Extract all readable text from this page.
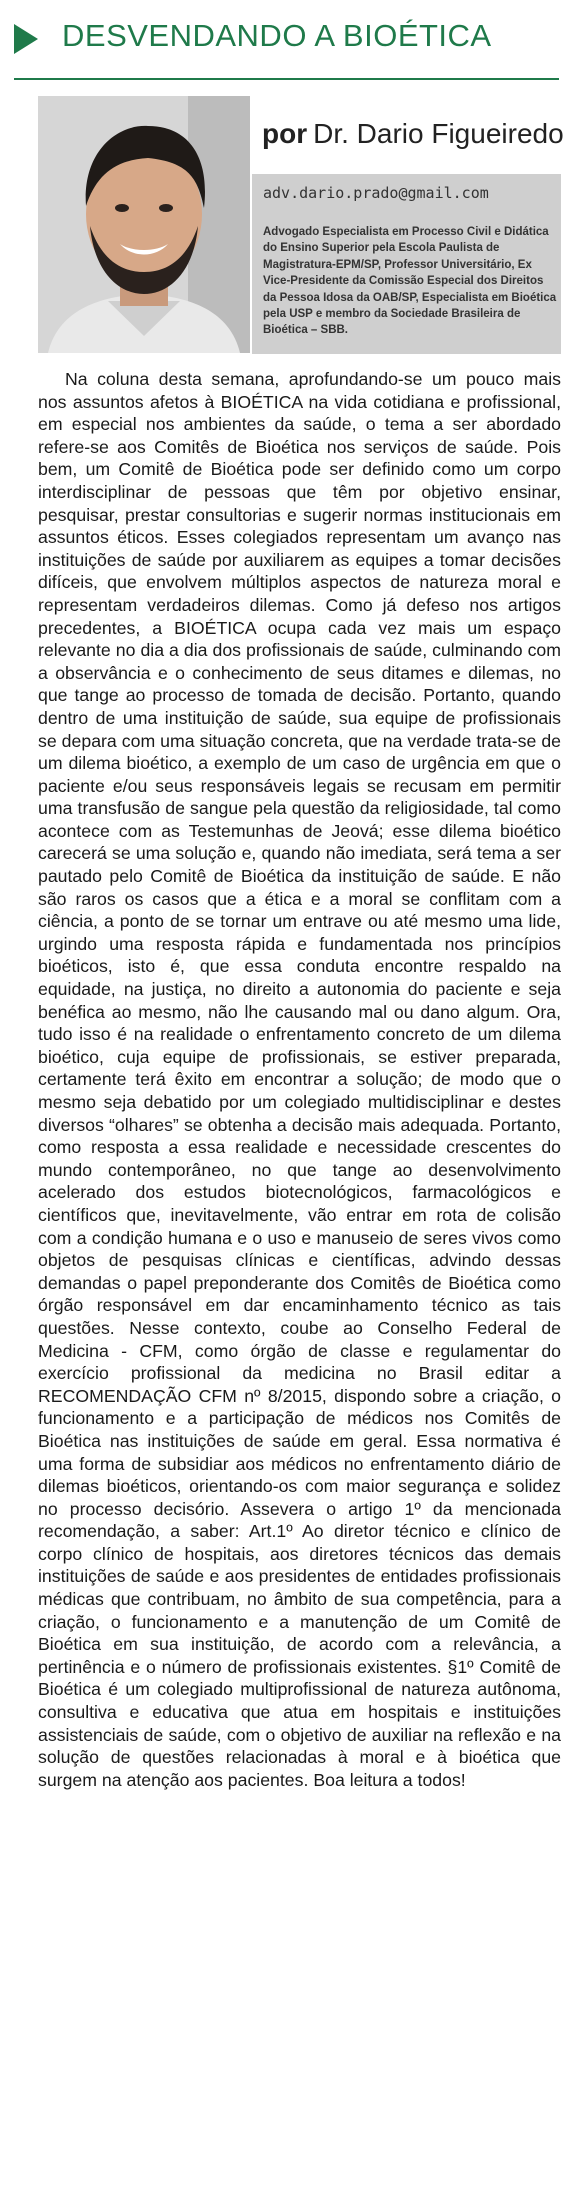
DESVENDANDO A BIOÉTICA
por Dr. Dario Figueiredo
adv.dario.prado@gmail.com
Advogado Especialista em Processo Civil e Didática do Ensino Superior pela Escola Paulista de Magistratura-EPM/SP, Professor Universitário, Ex Vice-Presidente da Comissão Especial dos Direitos da Pessoa Idosa da OAB/SP, Especialista em Bioética pela USP e membro da Sociedade Brasileira de Bioética – SBB.
Na coluna desta semana, aprofundando-se um pouco mais nos assuntos afetos à BIOÉTICA na vida cotidiana e profissional, em especial nos ambientes da saúde, o tema a ser abordado refere-se aos Comitês de Bioética nos serviços de saúde. Pois bem, um Comitê de Bioética pode ser definido como um corpo interdisciplinar de pessoas que têm por objetivo ensinar, pesquisar, prestar consultorias e sugerir normas institucionais em assuntos éticos. Esses colegiados representam um avanço nas instituições de saúde por auxiliarem as equipes a tomar decisões difíceis, que envolvem múltiplos aspectos de natureza moral e representam verdadeiros dilemas. Como já defeso nos artigos precedentes, a BIOÉTICA ocupa cada vez mais um espaço relevante no dia a dia dos profissionais de saúde, culminando com a observância e o conhecimento de seus ditames e dilemas, no que tange ao processo de tomada de decisão. Portanto, quando dentro de uma instituição de saúde, sua equipe de profissionais se depara com uma situação concreta, que na verdade trata-se de um dilema bioético, a exemplo de um caso de urgência em que o paciente e/ou seus responsáveis legais se recusam em permitir uma transfusão de sangue pela questão da religiosidade, tal como acontece com as Testemunhas de Jeová; esse dilema bioético carecerá se uma solução e, quando não imediata, será tema a ser pautado pelo Comitê de Bioética da instituição de saúde. E não são raros os casos que a ética e a moral se conflitam com a ciência, a ponto de se tornar um entrave ou até mesmo uma lide, urgindo uma resposta rápida e fundamentada nos princípios bioéticos, isto é, que essa conduta encontre respaldo na equidade, na justiça, no direito a autonomia do paciente e seja benéfica ao mesmo, não lhe causando mal ou dano algum. Ora, tudo isso é na realidade o enfrentamento concreto de um dilema bioético, cuja equipe de profissionais, se estiver preparada, certamente terá êxito em encontrar a solução; de modo que o mesmo seja debatido por um colegiado multidisciplinar e destes diversos “olhares” se obtenha a decisão mais adequada. Portanto, como resposta a essa realidade e necessidade crescentes do mundo contemporâneo, no que tange ao desenvolvimento acelerado dos estudos biotecnológicos, farmacológicos e científicos que, inevitavelmente, vão entrar em rota de colisão com a condição humana e o uso e manuseio de seres vivos como objetos de pesquisas clínicas e científicas, advindo dessas demandas o papel preponderante dos Comitês de Bioética como órgão responsável em dar encaminhamento técnico as tais questões. Nesse contexto, coube ao Conselho Federal de Medicina - CFM, como órgão de classe e regulamentar do exercício profissional da medicina no Brasil editar a RECOMENDAÇÃO CFM nº 8/2015, dispondo sobre a criação, o funcionamento e a participação de médicos nos Comitês de Bioética nas instituições de saúde em geral. Essa normativa é uma forma de subsidiar aos médicos no enfrentamento diário de dilemas bioéticos, orientando-os com maior segurança e solidez no processo decisório. Assevera o artigo 1º da mencionada recomendação, a saber: Art.1º Ao diretor técnico e clínico de corpo clínico de hospitais, aos diretores técnicos das demais instituições de saúde e aos presidentes de entidades profissionais médicas que contribuam, no âmbito de sua competência, para a criação, o funcionamento e a manutenção de um Comitê de Bioética em sua instituição, de acordo com a relevância, a pertinência e o número de profissionais existentes. §1º Comitê de Bioética é um colegiado multiprofissional de natureza autônoma, consultiva e educativa que atua em hospitais e instituições assistenciais de saúde, com o objetivo de auxiliar na reflexão e na solução de questões relacionadas à moral e à bioética que surgem na atenção aos pacientes. Boa leitura a todos!
